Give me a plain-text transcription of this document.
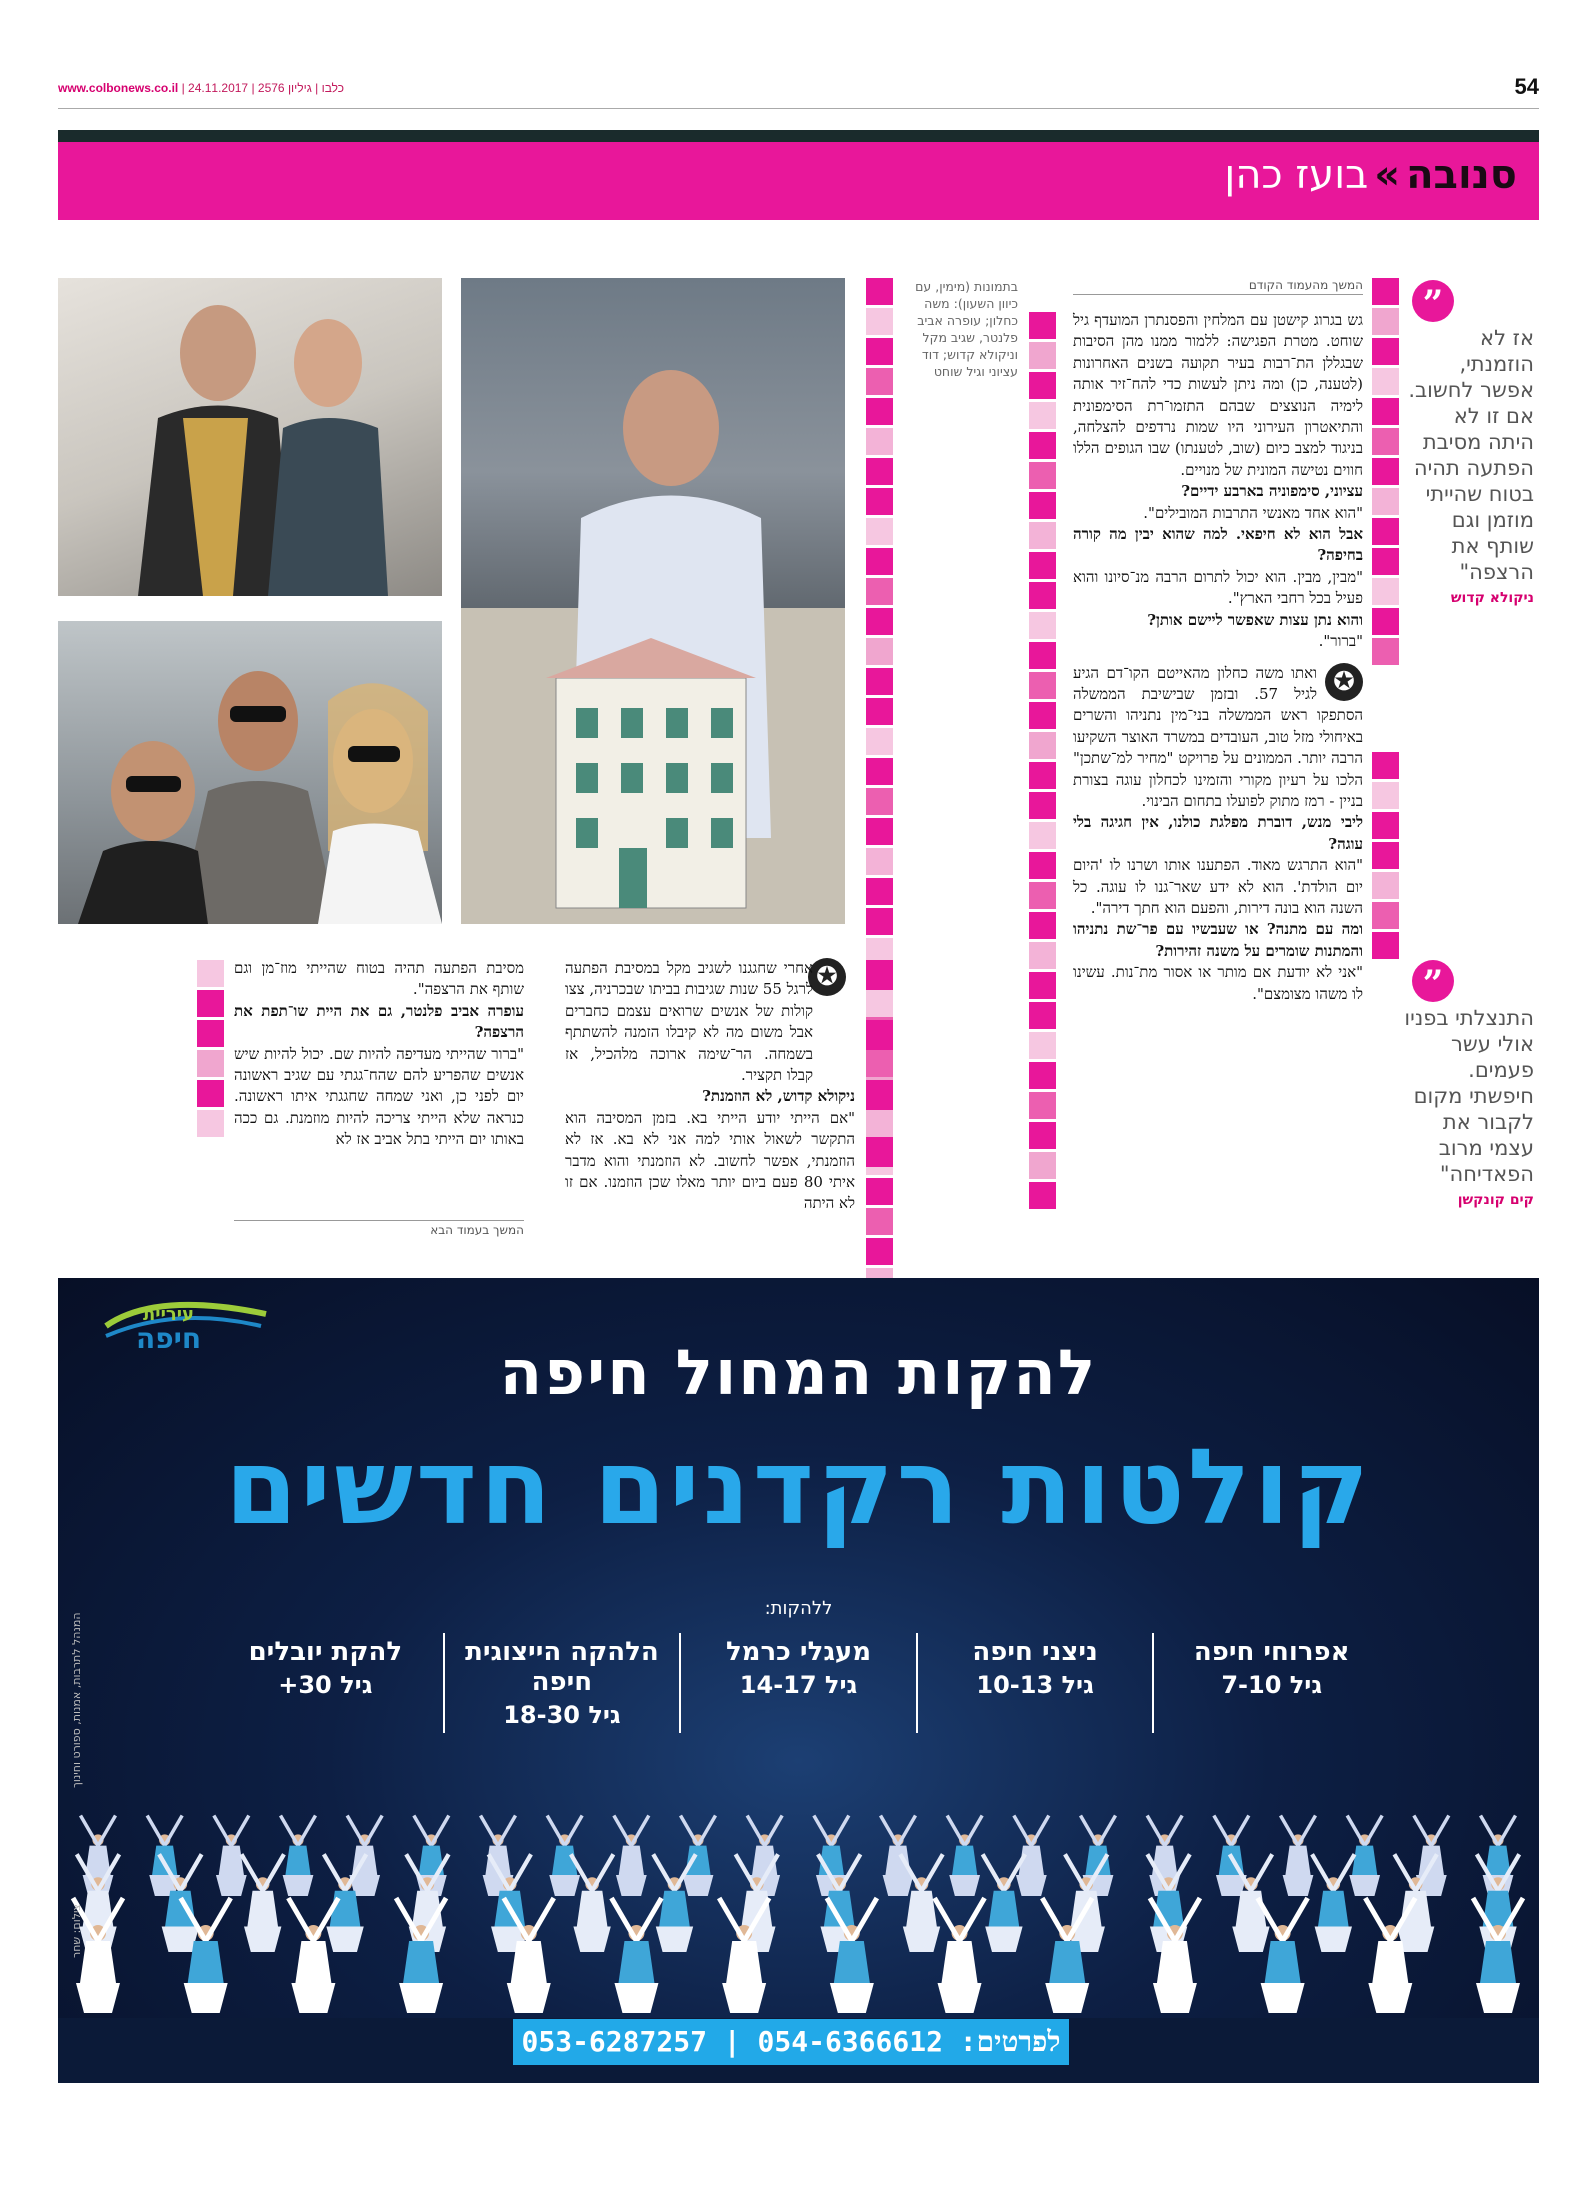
www.colbonews.co.il | כלבו | גיליון 2576 | 24.11.2017	54
סנובה
»
בועז כהן
”
אז לא הוזמנתי, אפשר לחשוב. אם זו לא היתה מסיבת הפתעה תהיה בטוח שהייתי מוזמן וגם שותף את הרצפה"
ניקולא קדוש
”
התנצלתי בפניו אולי עשר פעמים. חיפשתי מקום לקבור את עצמי מרוב הפאדיחה"
קים קונקשן
המשך מהעמוד הקודם

גש בגרוג קישטן עם המלחין והפסנתרן המועדף גיל שוחט. מטרת הפגישה: ללמור ממנו מהן הסיבות שבגללן הת־רבות בעיר תקועה בשנים האחרונות (לטענה, כן) ומה ניתן לעשות כדי להח־זיר אותה לימיה הנוצצים שבהם התזמו־רת הסימפונית והתיאטרון העירוני היו שמות נרדפים להצלחה, בניגוד למצב כיום (שוב, לטענתו) שבו הגופים הללו חווים נטישה המונית של מנויים.

עציוני, סימפוניה בארבע ידיים?

"הוא אחד מאנשי התרבות המובילים".

אבל הוא לא חיפאי. למה שהוא יבין מה קורה בחיפה?

"מבין, מבין. הוא יכול לתרום הרבה מנ־סיונו והוא פעיל בכל רחבי הארץ".

והוא נתן עצות שאפשר ליישם אותן?

"ברור".

✪

ואתו משה כחלון מהאייטם הקו־דם הגיע לגיל 57. ובזמן שבישיבת הממשלה הסתפקו ראש הממשלה בני־מין נתניהו והשרים באיחולי מזל טוב, העובדים במשרד האוצר השקיעו הרבה יותר. הממונים על פרויקט "מחיר למ־שתכן" הלכו על רעיון מקורי והזמינו לכחלון עוגה בצורת בניין - רמז מתוק לפועלו בתחום הבינוי.

ליבי מנש, דוברת מפלגת כולנו, אין חגיגה בלי עוגה?

"הוא התרגש מאוד. הפתענו אותו ושרנו לו 'היום יום הולדת'. הוא לא ידע שאר־גנו לו עוגה. כל השנה הוא בונה דירות, והפעם הוא חתך דירה".

ומה עם מתנה? או שעבשיו עם פר־שת נתניהו והמתנות שומרים על משנה זהירות?

"אני לא יודעת אם מותר או אסור מת־נות. עשינו לו משהו מצומצם".

בתמונות (מימין, עם כיוון השעון): משה כחלון; עופרה אביב פלנטר, שגיב מקל וניקולא קדוש; דוד עציוני וגיל שוחט
✪

אחרי שחגגנו לשגיב מקל במסיבת הפתעה לרגל 55 שנות שגיבות בביתו שבכרניה, צצו קולות של אנשים שרואים עצמם כחברים אבל משום מה לא קיבלו הזמנה להשתתף בשמחה. הר־שימה ארוכה מלהכיל, אז קבלו תקציר.

ניקולא קדוש, לא הוזמנת?

"אם הייתי יודע הייתי בא. בזמן המסיבה הוא התקשר לשאול אותי למה אני לא בא. אז לא הוזמנתי, אפשר לחשוב. לא הוזמנתי והוא מדבר איתי 80 פעם ביום יותר מאלו שכן הוזמנו. אם זו לא היתה

מסיבת הפתעה תהיה בטוח שהייתי מוז־מן וגם שותף את הרצפה".

עופרה אביב פלנטר, גם את היית שו־תפת את הרצפה?

"ברור שהייתי מעדיפה להיות שם. יכול להיות שיש אנשים שהפריע להם שהח־גגתי עם שגיב ראשונה יום לפני כן, ואני שמחה שחגגתי איתו ראשונה. כנראה שלא הייתי צריכה להיות מוזמנת. גם ככה באותו יום הייתי בתל אביב אז לא

המשך בעמוד הבא
עיריית
חיפה	להקות המחול חיפה
קולטות רקדנים חדשים
ללהקות:
אפרוחי חיפה
גיל 7-10
ניצני חיפה
גיל 10-13
מעגלי כרמל
גיל 14-17
הלהקה הייצוגית חיפה
גיל 18-30
להקת יובלים
גיל 30+
לפרטים: 054-6366612 | 053-6287257
המנהל לתרבות, אמנות, ספורט וחינוך
צילום: שחר
